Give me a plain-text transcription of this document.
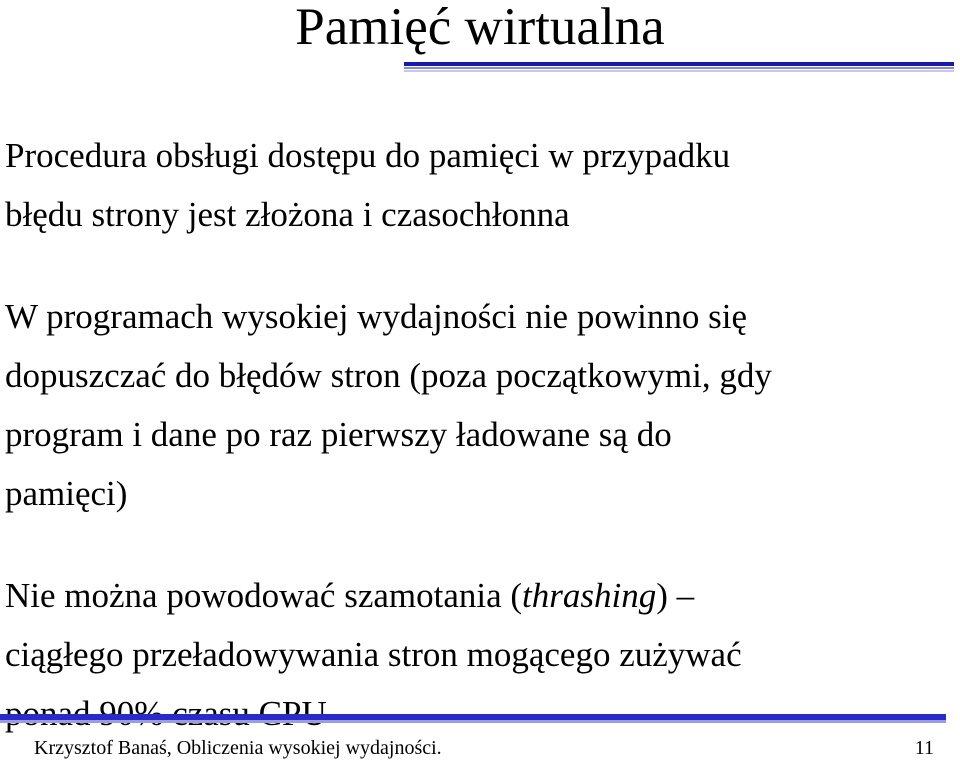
Pamięć wirtualna

Procedura obsługi dostępu do pamięci w przypadku
błędu strony jest złożona i czasochłonna

W programach wysokiej wydajności nie powinno się
dopuszczać do błędów stron (poza początkowymi, gdy
program i dane po raz pierwszy ładowane są do
pamięci)

Nie można powodować szamotania (thrashing) –
ciągłego przeładowywania stron mogącego zużywać

Krzysztof Banaś, Obliczenia wysokiej wydajności.	11
